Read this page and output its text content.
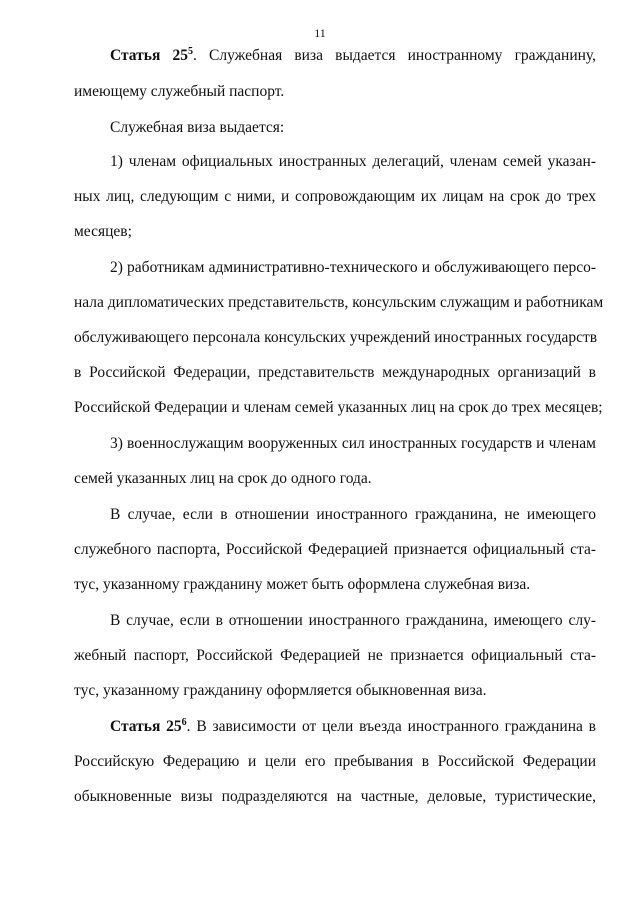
11
Статья $25^5$. Служебная виза выдается иностранному гражданину,
имеющему служебный паспорт.
Служебная виза выдается:
1) членам официальных иностранных делегаций, членам семей указан-
ных лиц, следующим с ними, и сопровождающим их лицам на срок до трех
месяцев;
2) работникам административно-технического и обслуживающего персо-
нала дипломатических представительств, консульским служащим и работникам
обслуживающего персонала консульских учреждений иностранных государств
в Российской Федерации, представительств международных организаций в
Российской Федерации и членам семей указанных лиц на срок до трех месяцев;
3) военнослужащим вооруженных сил иностранных государств и членам
семей указанных лиц на срок до одного года.
В случае, если в отношении иностранного гражданина, не имеющего
служебного паспорта, Российской Федерацией признается официальный ста-
тус, указанному гражданину может быть оформлена служебная виза.
В случае, если в отношении иностранного гражданина, имеющего слу-
жебный паспорт, Российской Федерацией не признается официальный ста-
тус, указанному гражданину оформляется обыкновенная виза.
Статья $25^6$. В зависимости от цели въезда иностранного гражданина в
Российскую Федерацию и цели его пребывания в Российской Федерации
обыкновенные визы подразделяются на частные, деловые, туристические,
